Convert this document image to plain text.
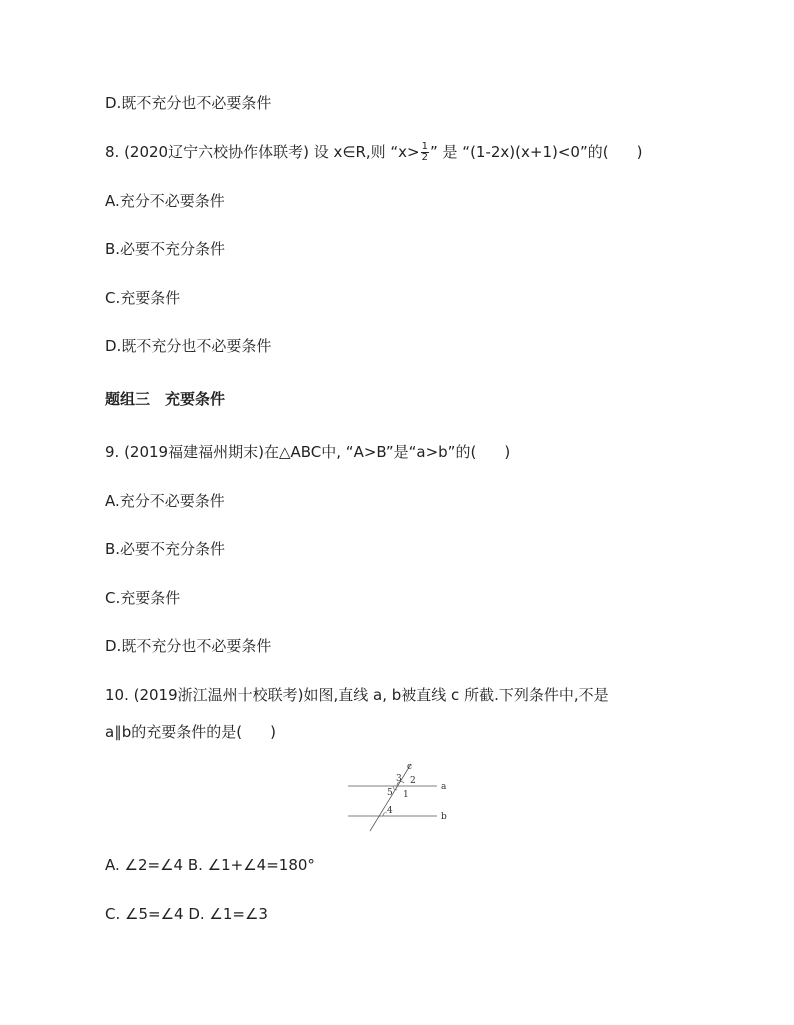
D.既不充分也不必要条件
8. (2020辽宁六校协作体联考) 设 x∈R,则 “$x> \frac{1}{2}$ ” 是 “(1-2x)(x+1)<0”的( )
A.充分不必要条件
B.必要不充分条件
C.充要条件
D.既不充分也不必要条件
题组三　充要条件
9. (2019福建福州期末)在△ABC中, “A>B”是“a>b”的( )
A.充分不必要条件
B.必要不充分条件
C.充要条件
D.既不充分也不必要条件
10. (2019浙江温州十校联考)如图,直线 a, b被直线 c 所截.下列条件中,不是
a∥b的充要条件的是( )
c
a
b
3 2
1
5
4
A. ∠2=∠4 B. ∠1+∠4=180°
C. ∠5=∠4 D. ∠1=∠3
